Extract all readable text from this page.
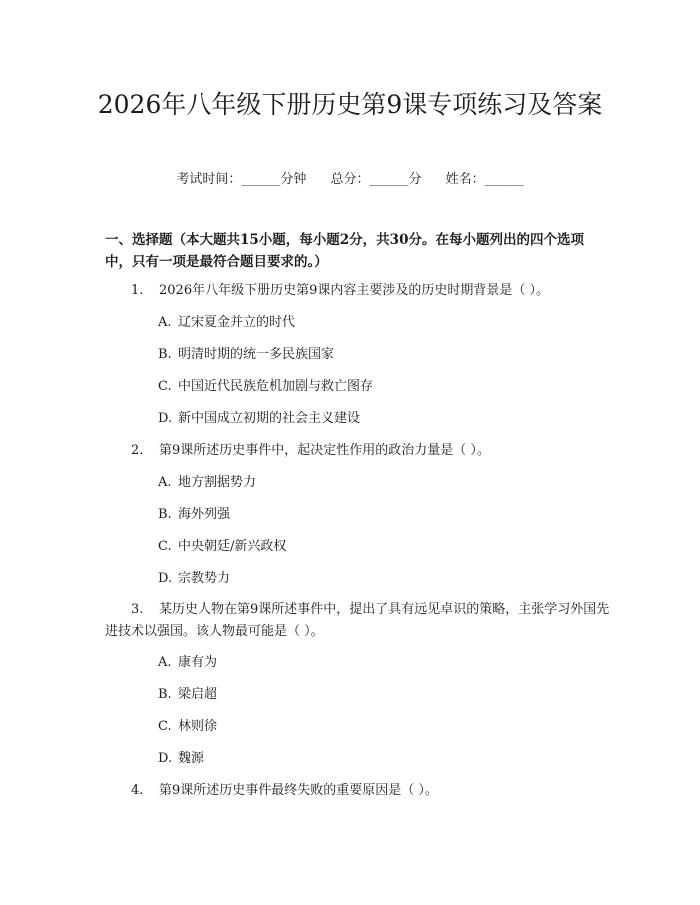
2026年八年级下册历史第9课专项练习及答案
考试时间：______分钟 总分：______分 姓名：______

一、选择题（本大题共15小题，每小题2分，共30分。在每小题列出的四个选项中，只有一项是最符合题目要求的。）

1. 2026年八年级下册历史第9课内容主要涉及的历史时期背景是（ ）。
A. 辽宋夏金并立的时代
B. 明清时期的统一多民族国家
C. 中国近代民族危机加剧与救亡图存
D. 新中国成立初期的社会主义建设
2. 第9课所述历史事件中，起决定性作用的政治力量是（ ）。
A. 地方割据势力
B. 海外列强
C. 中央朝廷/新兴政权
D. 宗教势力
3. 某历史人物在第9课所述事件中，提出了具有远见卓识的策略，主张学习外国先进技术以强国。该人物最可能是（ ）。
A. 康有为
B. 梁启超
C. 林则徐
D. 魏源
4. 第9课所述历史事件最终失败的重要原因是（ ）。
